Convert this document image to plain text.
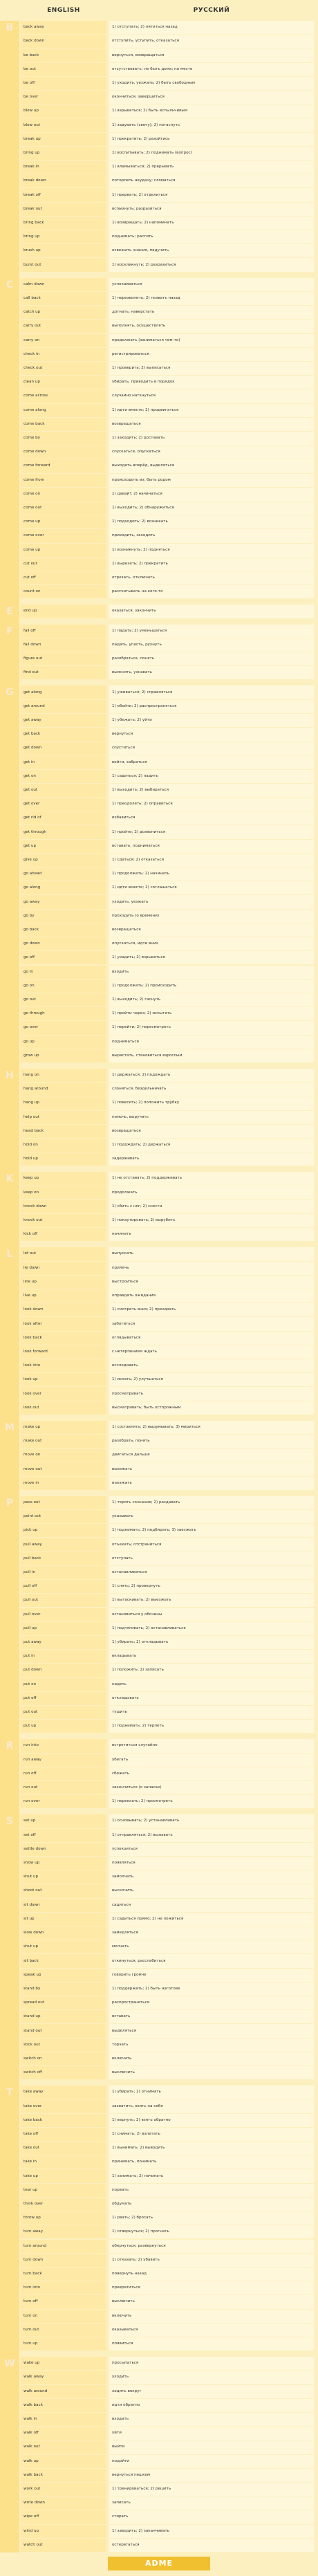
ENGLISH	РУССКИЙ
B
C
E
F
G
H
K
L
M
P
R
S
T
W
back away
back down
be back
be out
be off
be over
blow up
blow out
break up
bring up
break in
break down
break off
break out
bring back
bring up
brush up
burst out
calm down
call back
catch up
carry out
carry on
check in
check out
clean up
come across
come along
come back
come by
come down
come forward
come from
come on
come out
come up
come over
come up
cut out
cut off
count on
end up
fall off
fall down
figure out
find out
get along
get around
get away
get back
get down
get in
get on
get out
get over
get rid of
get through
get up
give up
go ahead
go along
go away
go by
go back
go down
go off
go in
go on
go out
go through
go over
go up
grow up
hang on
hang around
hang up
help out
head back
hold on
hold up
keep up
keep on
knock down
knock out
kick off
let out
lie down
line up
live up
look down
look after
look back
look forward
look into
look up
look over
look out
make up
make out
move on
move out
move in
pass out
point out
pick up
pull away
pull back
pull in
pull off
pull out
pull over
pull up
put away
put in
put down
put on
put off
put out
put up
run into
run away
run off
run out
run over
set up
set off
settle down
show up
shut up
shoot out
sit down
sit up
slow down
shut up
sit back
speak up
stand by
spread out
stand up
stand out
stick out
switch on
switch off
take away
take over
take back
take off
take out
take in
take up
tear up
think over
throw up
turn away
turn around
turn down
turn back
turn into
turn off
turn on
turn out
turn up
wake up
walk away
walk around
walk back
walk in
walk off
walk out
walk up
walk back
work out
write down
wipe off
wind up
watch out
1) отступать; 2) пятиться назад
отступить, уступить, отказаться
вернуться, возвращаться
отсутствовать; не быть дома; на месте
1) уходить, уезжать; 2) быть свободным
окончиться, завершиться
1) взрываться; 2) быть вспыльчивым
1) задувать (свечу); 2) погаснуть
1) прекратить; 2) разойтись
1) воспитывать; 2) поднимать (вопрос)
1) вламываться; 2) прерывать
потерпеть неудачу; сломаться
1) прервать; 2) отделиться
вспыхнуть; разразиться
1) возвращать; 2) напоминать
поднимать; растить
освежить знания, подучить
1) воскликнуть; 2) разразиться
успокаиваться
1) перезвонить; 2) позвать назад
догнать, наверстать
выполнять, осуществлять
продолжать (заниматься чем-то)
регистрироваться
1) проверить; 2) выписаться
убирать, приводить в порядок
случайно наткнуться
1) идти вместе; 2) продвигаться
возвращаться
1) заходить; 2) доставать
спускаться, опускаться
выходить вперёд, выделяться
происходить из; быть родом
1) давай!; 2) начинаться
1) выходить; 2) обнаружиться
1) подходить; 2) возникать
приходить, заходить
1) возникнуть; 2) подняться
1) вырезать; 2) прекратить
отрезать, отключать
рассчитывать на кого-то
оказаться, закончить
1) падать; 2) уменьшаться
падать, упасть, рухнуть
разобраться, понять
выяснять, узнавать
1) уживаться; 2) справляться
1) обойти; 2) распространяться
1) убежать; 2) уйти
вернуться
спуститься
войти, забраться
1) садиться; 2) ладить
1) выходить; 2) выбираться
1) преодолеть; 2) оправиться
избавиться
1) пройти; 2) дозвониться
вставать, подниматься
1) сдаться; 2) отказаться
1) продолжать; 2) начинать
1) идти вместе; 2) соглашаться
уходить, уезжать
проходить (о времени)
возвращаться
опускаться, идти вниз
1) уходить; 2) взрываться
входить
1) продолжать; 2) происходить
1) выходить; 2) гаснуть
1) пройти через; 2) испытать
1) перейти; 2) пересмотреть
подниматься
вырастать, становиться взрослым
1) держаться; 2) подождать
слоняться, бездельничать
1) повесить; 2) положить трубку
помочь, выручить
возвращаться
1) подождать; 2) держаться
задерживать
1) не отставать; 2) поддерживать
продолжать
1) сбить с ног; 2) снести
1) нокаутировать; 2) вырубить
начинать
выпускать
прилечь
выстроиться
оправдать ожидания
1) смотреть вниз; 2) презирать
заботиться
оглядываться
с нетерпением ждать
исследовать
1) искать; 2) улучшаться
просматривать
высматривать; быть осторожным
1) составлять; 2) выдумывать; 3) мириться
разобрать, понять
двигаться дальше
выезжать
въезжать
1) терять сознание; 2) раздавать
указывать
1) поднимать; 2) подбирать; 3) заезжать
отъехать; отстраниться
отступать
останавливаться
1) снять; 2) провернуть
1) вытаскивать; 2) выезжать
остановиться у обочины
1) подтягивать; 2) останавливаться
1) убирать; 2) откладывать
вкладывать
1) положить; 2) записать
надеть
откладывать
тушить
1) поднимать; 2) терпеть
встретиться случайно
убегать
сбежать
закончиться (о запасах)
1) переехать; 2) просмотреть
1) основывать; 2) устанавливать
1) отправляться; 2) вызывать
успокоиться
появляться
замолчать
выскочить
садиться
1) садиться прямо; 2) не ложиться
замедляться
молчать
откинуться, расслабиться
говорить громче
1) поддержать; 2) быть наготове
распространяться
вставать
выделяться
торчать
включить
выключить
1) убирать; 2) отнимать
захватить, взять на себя
1) вернуть; 2) взять обратно
1) снимать; 2) взлетать
1) вынимать; 2) выводить
принимать, понимать
1) занимать; 2) начинать
порвать
обдумать
1) рвать; 2) бросать
1) отвернуться; 2) прогнать
обернуться, развернуться
1) отказать; 2) убавить
повернуть назад
превратиться
выключить
включить
оказываться
появиться
просыпаться
уходить
ходить вокруг
идти обратно
входить
уйти
выйти
подойти
вернуться пешком
1) тренироваться; 2) решить
записать
стирать
1) заводить; 2) заканчивать
остерегаться
ADME
